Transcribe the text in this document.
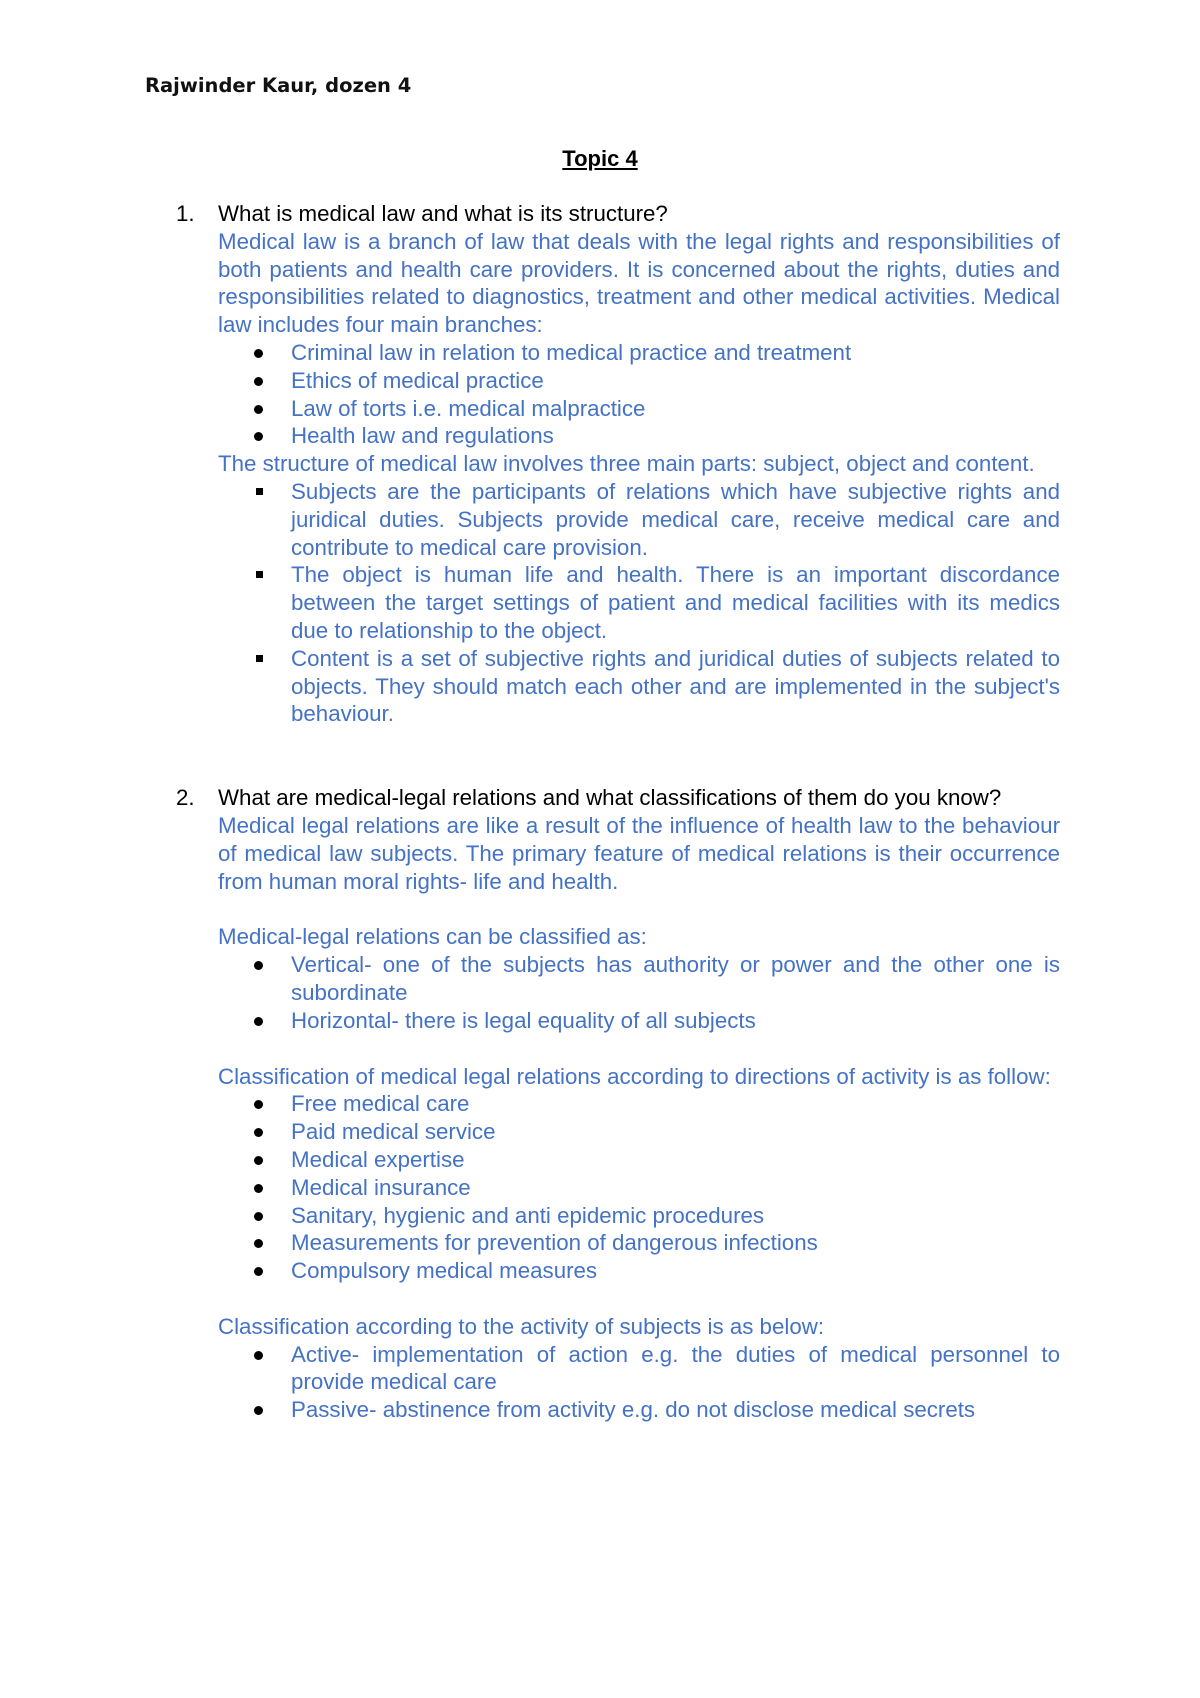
Rajwinder Kaur, dozen 4
Topic 4
1. What is medical law and what is its structure?
Medical law is a branch of law that deals with the legal rights and responsibilities of both patients and health care providers. It is concerned about the rights, duties and responsibilities related to diagnostics, treatment and other medical activities. Medical law includes four main branches:
Criminal law in relation to medical practice and treatment
Ethics of medical practice
Law of torts i.e. medical malpractice
Health law and regulations
The structure of medical law involves three main parts: subject, object and content.
Subjects are the participants of relations which have subjective rights and juridical duties. Subjects provide medical care, receive medical care and contribute to medical care provision.
The object is human life and health. There is an important discordance between the target settings of patient and medical facilities with its medics due to relationship to the object.
Content is a set of subjective rights and juridical duties of subjects related to objects. They should match each other and are implemented in the subject's behaviour.
2. What are medical-legal relations and what classifications of them do you know?
Medical legal relations are like a result of the influence of health law to the behaviour of medical law subjects. The primary feature of medical relations is their occurrence from human moral rights- life and health.
Medical-legal relations can be classified as:
Vertical- one of the subjects has authority or power and the other one is subordinate
Horizontal- there is legal equality of all subjects
Classification of medical legal relations according to directions of activity is as follow:
Free medical care
Paid medical service
Medical expertise
Medical insurance
Sanitary, hygienic and anti epidemic procedures
Measurements for prevention of dangerous infections
Compulsory medical measures
Classification according to the activity of subjects is as below:
Active- implementation of action e.g. the duties of medical personnel to provide medical care
Passive- abstinence from activity e.g. do not disclose medical secrets
